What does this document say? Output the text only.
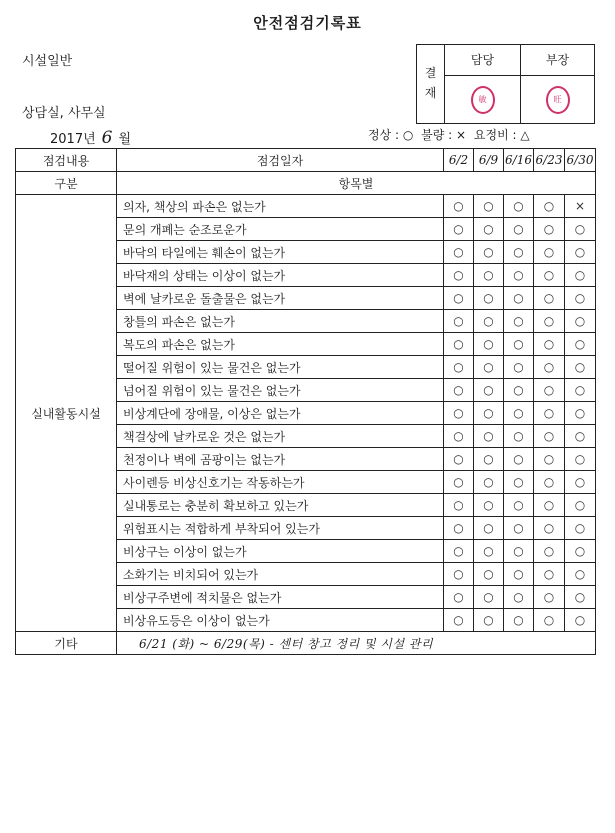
안전점검기록표
시설일반
상담실, 사무실
2017년 6 월	정상 : ○ 불량 : × 요정비 : △
결
재
담당
敏
부장
旺
점검내용	점검일자	6/2	6/9	6/16	6/23	6/30
구분	항목별					
실내활동시설	의자, 책상의 파손은 없는가	○	○	○	○	×
	문의 개폐는 순조로운가	○	○	○	○	○
	바닥의 타일에는 훼손이 없는가	○	○	○	○	○
	바닥재의 상태는 이상이 없는가	○	○	○	○	○
	벽에 날카로운 돌출물은 없는가	○	○	○	○	○
	창틀의 파손은 없는가	○	○	○	○	○
	복도의 파손은 없는가	○	○	○	○	○
	떨어질 위험이 있는 물건은 없는가	○	○	○	○	○
	넘어질 위험이 있는 물건은 없는가	○	○	○	○	○
	비상계단에 장애물, 이상은 없는가	○	○	○	○	○
	책걸상에 날카로운 것은 없는가	○	○	○	○	○
	천정이나 벽에 곰팡이는 없는가	○	○	○	○	○
	사이렌등 비상신호기는 작동하는가	○	○	○	○	○
	실내통로는 충분히 확보하고 있는가	○	○	○	○	○
	위험표시는 적합하게 부착되어 있는가	○	○	○	○	○
	비상구는 이상이 없는가	○	○	○	○	○
	소화기는 비치되어 있는가	○	○	○	○	○
	비상구주변에 적치물은 없는가	○	○	○	○	○
	비상유도등은 이상이 없는가	○	○	○	○	○
기타	6/21 (화) ~ 6/29(목) - 센터 창고 정리 및 시설 관리					
